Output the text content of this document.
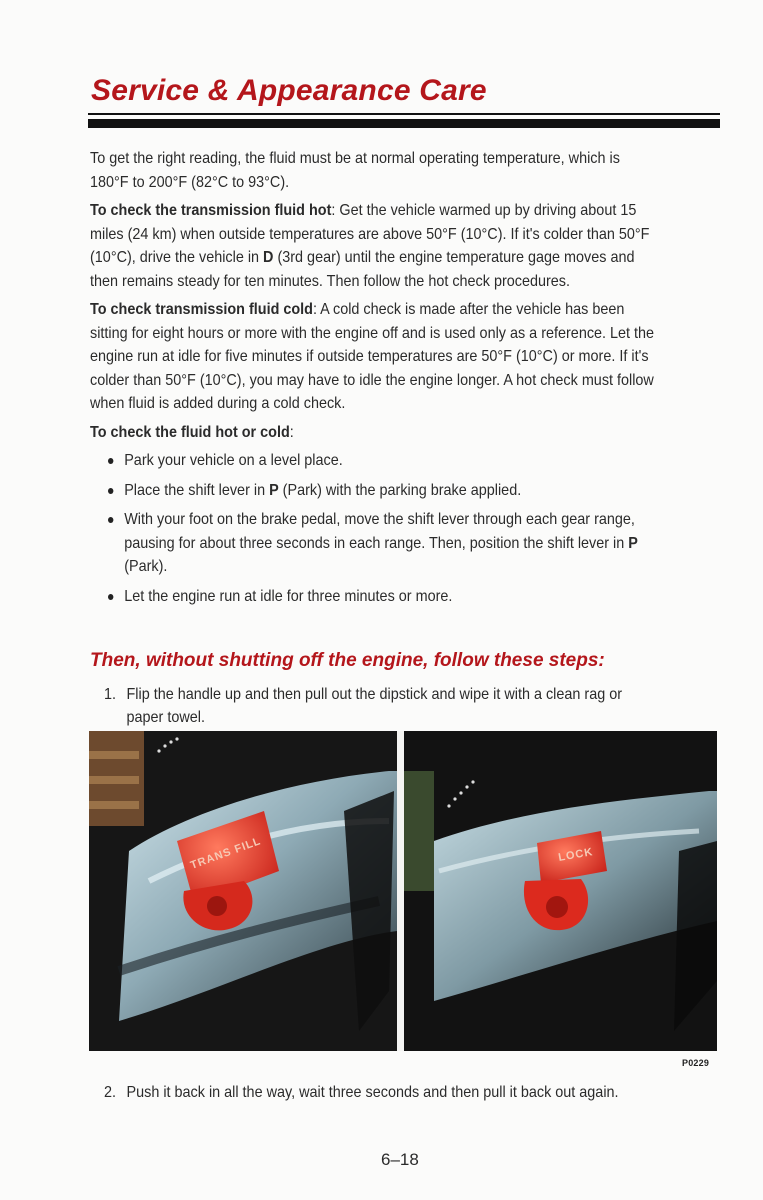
Service & Appearance Care

To get the right reading, the fluid must be at normal operating temperature, which is 180°F to 200°F (82°C to 93°C).

To check the transmission fluid hot: Get the vehicle warmed up by driving about 15 miles (24 km) when outside temperatures are above 50°F (10°C). If it's colder than 50°F (10°C), drive the vehicle in D (3rd gear) until the engine temperature gage moves and then remains steady for ten minutes. Then follow the hot check procedures.

To check transmission fluid cold: A cold check is made after the vehicle has been sitting for eight hours or more with the engine off and is used only as a reference. Let the engine run at idle for five minutes if outside temperatures are 50°F (10°C) or more. If it's colder than 50°F (10°C), you may have to idle the engine longer. A hot check must follow when fluid is added during a cold check.

To check the fluid hot or cold:

Park your vehicle on a level place.
Place the shift lever in P (Park) with the parking brake applied.
With your foot on the brake pedal, move the shift lever through each gear range, pausing for about three seconds in each range. Then, position the shift lever in P (Park).
Let the engine run at idle for three minutes or more.
Then, without shutting off the engine, follow these steps:
1. Flip the handle up and then pull out the dipstick and wipe it with a clean rag or paper towel.
TRANS FILL	LOCK
P0229
2. Push it back in all the way, wait three seconds and then pull it back out again.
6–18
